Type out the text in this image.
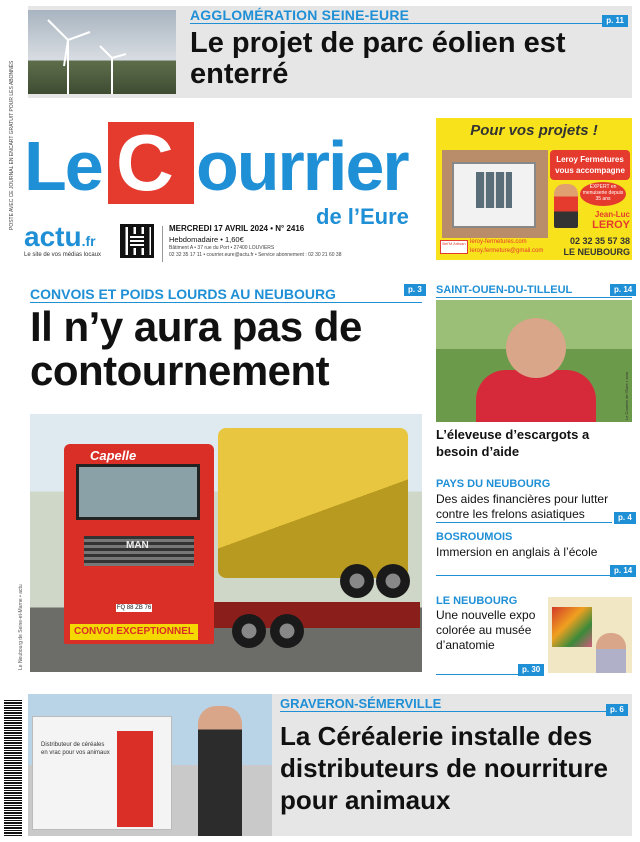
AGGLOMÉRATION SEINE-EURE	p. 11
Le projet de parc éolien est enterré
POSTE AVEC CE JOURNAL EN ENCART GRATUIT POUR LES ABONNÉS Le C ourrier
de l’Eure
actu.fr
Le site de vos médias locaux
MERCREDI 17 AVRIL 2024 • N° 2416
Hebdomadaire • 1,60€
Bâtiment A • 37 rue du Port • 27400 LOUVIERS
02 32 35 17 11 • courrier.eure@actu.fr • Service abonnement : 02 30 21 60 38
Pour vos projets !
Leroy Fermetures vous accompagne
EXPERT en menuiserie depuis 35 ans
Jean-Luc
LEROY
Bel'M Artisan leroy-fermetures.com
leroy.fermeture@gmail.com
02 32 35 57 38
LE NEUBOURG
CONVOIS ET POIDS LOURDS AU NEUBOURG	p. 3
Il n’y aura pas de contournement
Le Neubourg de Seine-et-Marne • actu
Capelle
MAN
FQ 88 ZB 76
CONVOI EXCEPTIONNEL
SAINT-OUEN-DU-TILLEUL	p. 14
Le Courrier de l'Eure • actu
L’éleveuse d’escargots a besoin d’aide
PAYS DU NEUBOURG
Des aides financières pour lutter contre les frelons asiatiques	p. 4
BOSROUMOIS
Immersion en anglais à l’école
p. 14
LE NEUBOURG
Une nouvelle expo colorée au musée d’anatomie
p. 30
Distributeur de céréales en vrac pour vos animaux
GRAVERON-SÉMERVILLE	p. 6
La Céréalerie installe des distributeurs de nourriture pour animaux
